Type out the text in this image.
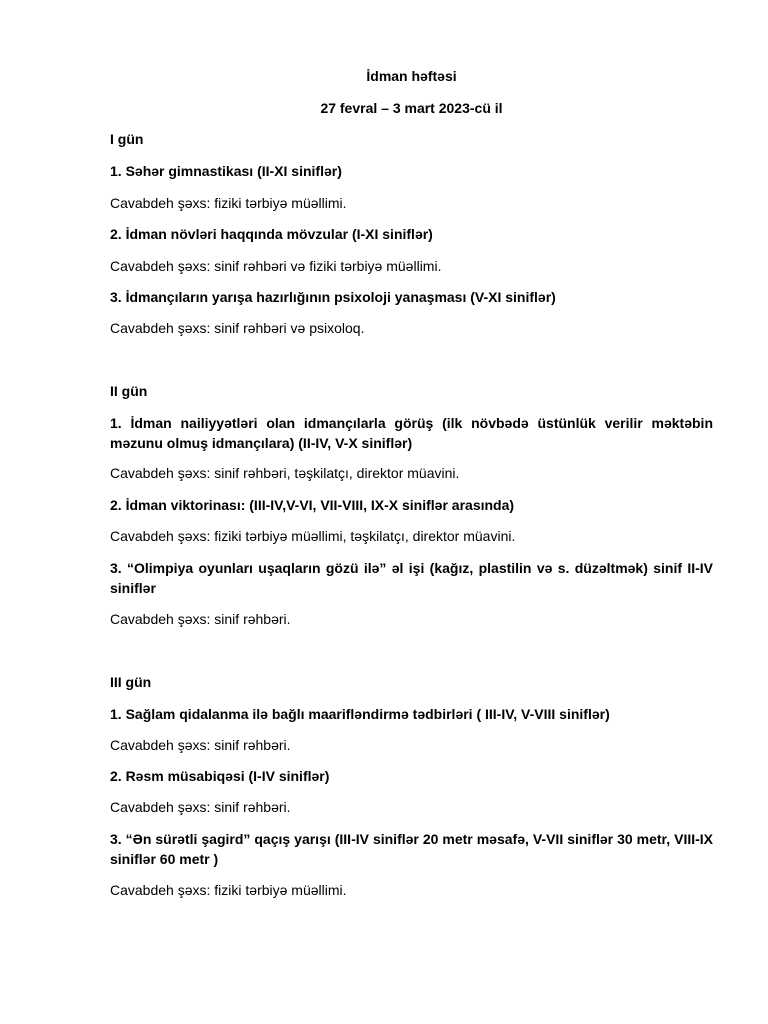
İdman həftəsi
27 fevral – 3 mart 2023-cü il
I gün
1. Səhər gimnastikası (II-XI siniflər)
Cavabdeh şəxs: fiziki tərbiyə müəllimi.
2. İdman növləri haqqında mövzular (I-XI siniflər)
Cavabdeh şəxs: sinif rəhbəri və fiziki tərbiyə müəllimi.
3. İdmançıların yarışa hazırlığının psixoloji yanaşması (V-XI siniflər)
Cavabdeh şəxs: sinif rəhbəri və psixoloq.
II gün
1. İdman nailiyyətləri olan idmançılarla görüş (ilk növbədə üstünlük verilir məktəbin məzunu olmuş idmançılara) (II-IV, V-X siniflər)
Cavabdeh şəxs: sinif rəhbəri, təşkilatçı, direktor müavini.
2. İdman viktorinası: (III-IV,V-VI, VII-VIII, IX-X siniflər arasında)
Cavabdeh şəxs: fiziki tərbiyə müəllimi, təşkilatçı, direktor müavini.
3. “Olimpiya oyunları uşaqların gözü ilə” əl işi (kağız, plastilin və s. düzəltmək) sinif II-IV siniflər
Cavabdeh şəxs: sinif rəhbəri.
III gün
1. Sağlam qidalanma ilə bağlı maarifləndirmə tədbirləri ( III-IV, V-VIII siniflər)
Cavabdeh şəxs: sinif rəhbəri.
2. Rəsm müsabiqəsi (I-IV siniflər)
Cavabdeh şəxs: sinif rəhbəri.
3. “Ən sürətli şagird” qaçış yarışı (III-IV siniflər 20 metr məsafə, V-VII siniflər 30 metr, VIII-IX siniflər 60 metr )
Cavabdeh şəxs: fiziki tərbiyə müəllimi.
